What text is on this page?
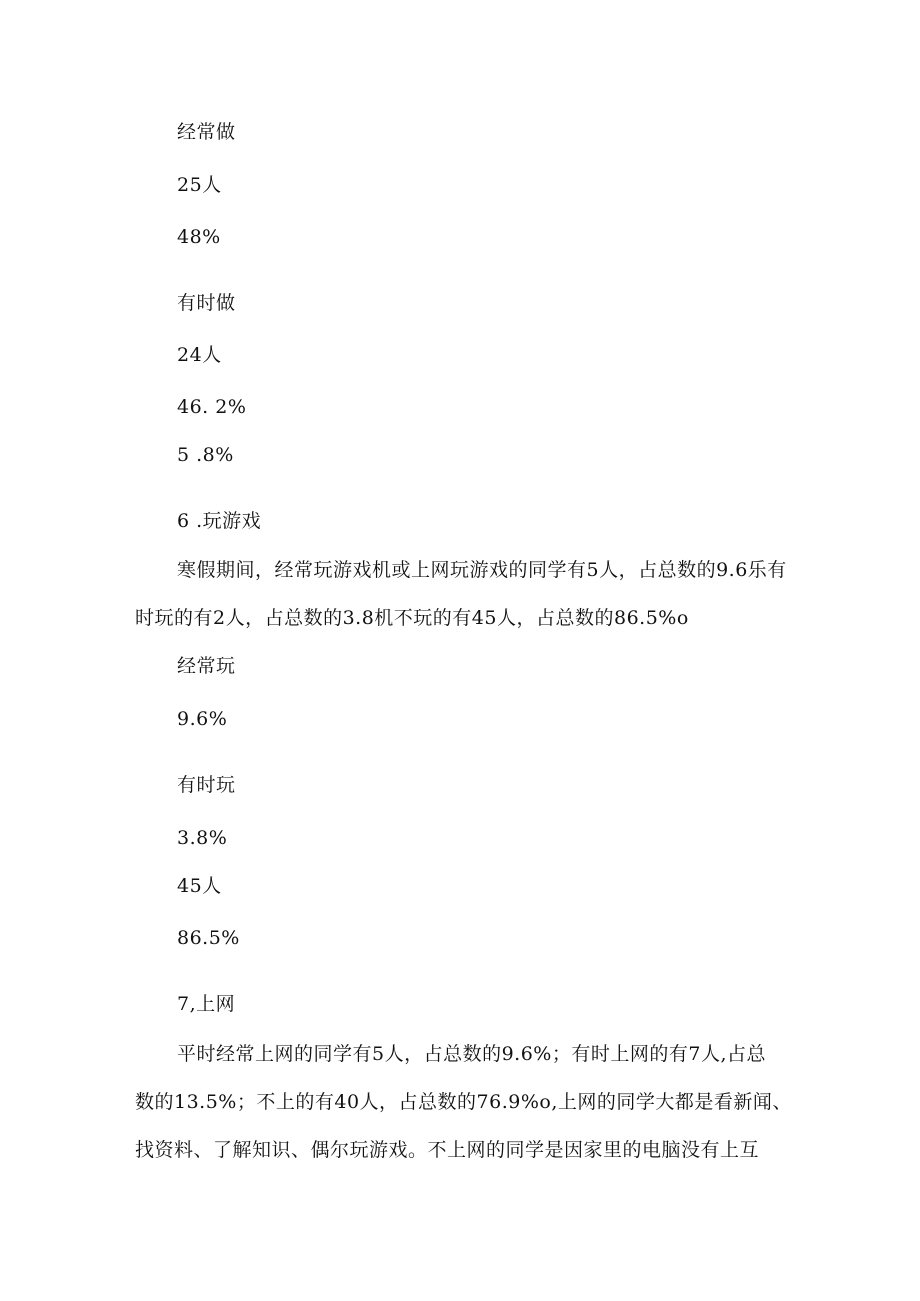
经常做
25人
48%
有时做
24人
46. 2%
5 .8%
6 .玩游戏
寒假期间，经常玩游戏机或上网玩游戏的同学有5人，占总数的9.6乐有
时玩的有2人，占总数的3.8机不玩的有45人，占总数的86.5%o
经常玩
9.6%
有时玩
3.8%
45人
86.5%
7,上网
平时经常上网的同学有5人，占总数的9.6%；有时上网的有7人,占总
数的13.5%；不上的有40人，占总数的76.9%o,上网的同学大都是看新闻、
找资料、了解知识、偶尔玩游戏。不上网的同学是因家里的电脑没有上互
